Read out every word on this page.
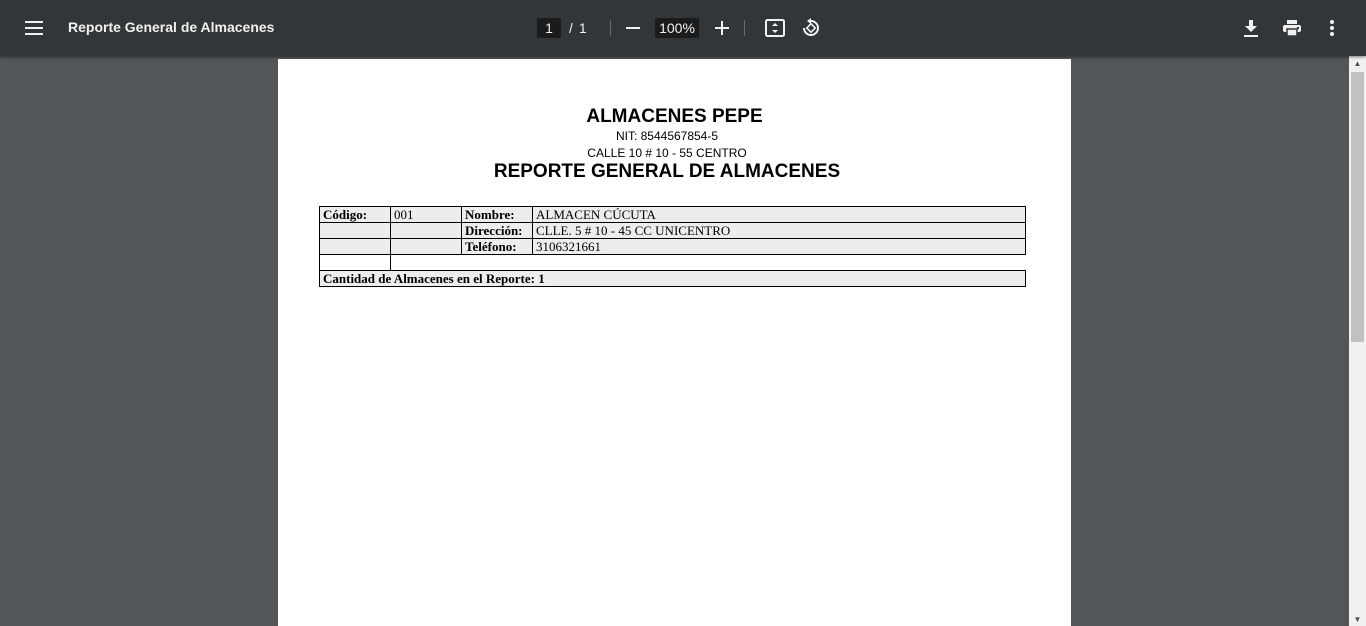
Reporte General de Almacenes
1	/ 1
100%
ALMACENES PEPE
NIT: 8544567854-5
CALLE 10 # 10 - 55 CENTRO
REPORTE GENERAL DE ALMACENES
Código:	001	Nombre:	ALMACEN CÚCUTA
		Dirección:	CLLE. 5 # 10 - 45 CC UNICENTRO
		Teléfono:	3106321661

Cantidad de Almacenes en el Reporte: 1			
▲
▼
